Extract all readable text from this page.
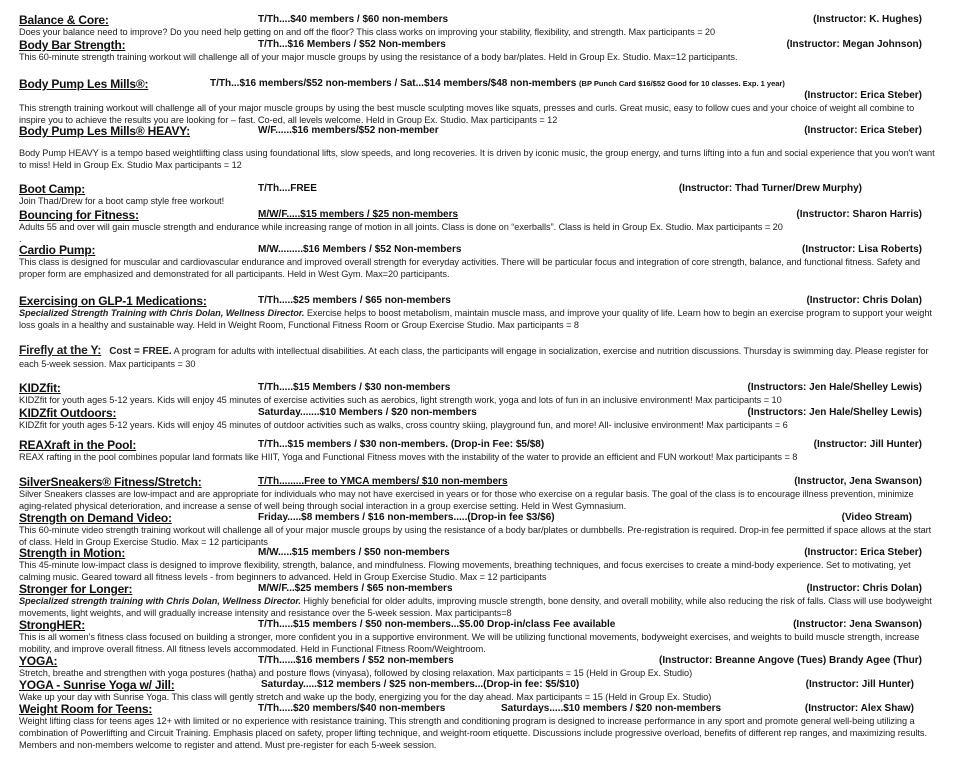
Balance & Core:	T/Th....$40 members / $60 non-members	(Instructor: K. Hughes)
Does your balance need to improve? Do you need help getting on and off the floor? This class works on improving your stability, flexibility, and strength. Max participants = 20
Body Bar Strength:	T/Th...$16 Members / $52 Non-members	(Instructor: Megan Johnson)
This 60-minute strength training workout will challenge all of your major muscle groups by using the resistance of a body bar/plates. Held in Group Ex. Studio. Max=12 participants.
Body Pump Les Mills®:	T/Th...$16 members/$52 non-members / Sat...$14 members/$48 non-members (BP Punch Card $16/$52 Good for 10 classes. Exp. 1 year)
(Instructor: Erica Steber)
This strength training workout will challenge all of your major muscle groups by using the best muscle sculpting moves like squats, presses and curls. Great music, easy to follow cues and your choice of weight all combine to inspire you to achieve the results you are looking for – fast. Co-ed, all levels welcome. Held in Group Ex. Studio. Max participants = 12
Body Pump Les Mills® HEAVY:	W/F......$16 members/$52 non-member	(Instructor: Erica Steber)
Body Pump HEAVY is a tempo based weightlifting class using foundational lifts, slow speeds, and long recoveries. It is driven by iconic music, the group energy, and turns lifting into a fun and social experience that you won't want to miss! Held in Group Ex. Studio Max participants = 12
Boot Camp:	T/Th....FREE	(Instructor: Thad Turner/Drew Murphy)
Join Thad/Drew for a boot camp style free workout!
Bouncing for Fitness:	M/W/F.....$15 members / $25 non-members	(Instructor: Sharon Harris)
Adults 55 and over will gain muscle strength and endurance while increasing range of motion in all joints. Class is done on “exerballs”. Class is held in Group Ex. Studio. Max participants = 20
.
Cardio Pump:	M/W.........$16 Members / $52 Non-members	(Instructor: Lisa Roberts)
This class is designed for muscular and cardiovascular endurance and improved overall strength for everyday activities. There will be particular focus and integration of core strength, balance, and functional fitness. Safety and proper form are emphasized and demonstrated for all participants. Held in West Gym. Max=20 participants.
Exercising on GLP-1 Medications:	T/Th.....$25 members / $65 non-members	(Instructor: Chris Dolan)
Specialized Strength Training with Chris Dolan, Wellness Director. Exercise helps to boost metabolism, maintain muscle mass, and improve your quality of life. Learn how to begin an exercise program to support your weight loss goals in a healthy and sustainable way. Held in Weight Room, Functional Fitness Room or Group Exercise Studio. Max participants = 8
Firefly at the Y: Cost = FREE. A program for adults with intellectual disabilities. At each class, the participants will engage in socialization, exercise and nutrition discussions. Thursday is swimming day. Please register for each 5-week session. Max participants = 30
KIDZfit:	T/Th.....$15 Members / $30 non-members	(Instructors: Jen Hale/Shelley Lewis)
KIDZfit for youth ages 5-12 years. Kids will enjoy 45 minutes of exercise activities such as aerobics, light strength work, yoga and lots of fun in an inclusive environment! Max participants = 10
KIDZfit Outdoors:	Saturday.......$10 Members / $20 non-members	(Instructors: Jen Hale/Shelley Lewis)
KIDZfit for youth ages 5-12 years. Kids will enjoy 45 minutes of outdoor activities such as walks, cross country skiing, playground fun, and more! All- inclusive environment! Max participants = 6
REAXraft in the Pool:	T/Th...$15 members / $30 non-members. (Drop-in Fee: $5/$8)	(Instructor: Jill Hunter)
REAX rafting in the pool combines popular land formats like HIIT, Yoga and Functional Fitness moves with the instability of the water to provide an efficient and FUN workout! Max participants = 8
SilverSneakers® Fitness/Stretch:	T/Th.........Free to YMCA members/ $10 non-members	(Instructor, Jena Swanson)
Silver Sneakers classes are low-impact and are appropriate for individuals who may not have exercised in years or for those who exercise on a regular basis. The goal of the class is to encourage illness prevention, minimize aging-related physical deterioration, and increase a sense of well being through social interaction in a group exercise setting. Held in West Gymnasium.
Strength on Demand Video:	Friday.....$8 members / $16 non-members.....(Drop-in fee $3/$6)	(Video Stream)
This 60-minute video strength training workout will challenge all of your major muscle groups by using the resistance of a body bar/plates or dumbbells. Pre-registration is required. Drop-in fee permitted if space allows at the start of class. Held in Group Exercise Studio. Max = 12 participants
Strength in Motion:	M/W.....$15 members / $50 non-members	(Instructor: Erica Steber)
This 45-minute low-impact class is designed to improve flexibility, strength, balance, and mindfulness. Flowing movements, breathing techniques, and focus exercises to create a mind-body experience. Set to motivating, yet calming music. Geared toward all fitness levels - from beginners to advanced. Held in Group Exercise Studio. Max = 12 participants
Stronger for Longer:	M/W/F...$25 members / $65 non-members	(Instructor: Chris Dolan)
Specialized strength training with Chris Dolan, Wellness Director. Highly beneficial for older adults, improving muscle strength, bone density, and overall mobility, while also reducing the risk of falls. Class will use bodyweight movements, light weights, and will gradually increase intensity and resistance over the 5-week session. Max participants=8
StrongHER:	T/Th.....$15 members / $50 non-members...$5.00 Drop-in/class Fee available	(Instructor: Jena Swanson)
This is all women's fitness class focused on building a stronger, more confident you in a supportive environment. We will be utilizing functional movements, bodyweight exercises, and weights to build muscle strength, increase mobility, and improve overall fitness. All fitness levels accommodated. Held in Functional Fitness Room/Weightroom.
YOGA:	T/Th......$16 members / $52 non-members	(Instructor: Breanne Angove (Tues) Brandy Agee (Thur)
Stretch, breathe and strengthen with yoga postures (hatha) and posture flows (vinyasa), followed by closing relaxation. Max participants = 15 (Held in Group Ex. Studio)
YOGA - Sunrise Yoga w/ Jill:	Saturday.....$12 members / $25 non-members...(Drop-in fee: $5/$10)	(Instructor: Jill Hunter)
Wake up your day with Sunrise Yoga. This class will gently stretch and wake up the body, energizing you for the day ahead. Max participants = 15 (Held in Group Ex. Studio)
Weight Room for Teens:	T/Th.....$20 members/$40 non-members	Saturdays.....$10 members / $20 non-members	(Instructor: Alex Shaw)
Weight lifting class for teens ages 12+ with limited or no experience with resistance training. This strength and conditioning program is designed to increase performance in any sport and promote general well-being utilizing a combination of Powerlifting and Circuit Training. Emphasis placed on safety, proper lifting technique, and weight-room etiquette. Discussions include progressive overload, benefits of different rep ranges, and maximizing results. Members and non-members welcome to register and attend. Must pre-register for each 5-week session.
